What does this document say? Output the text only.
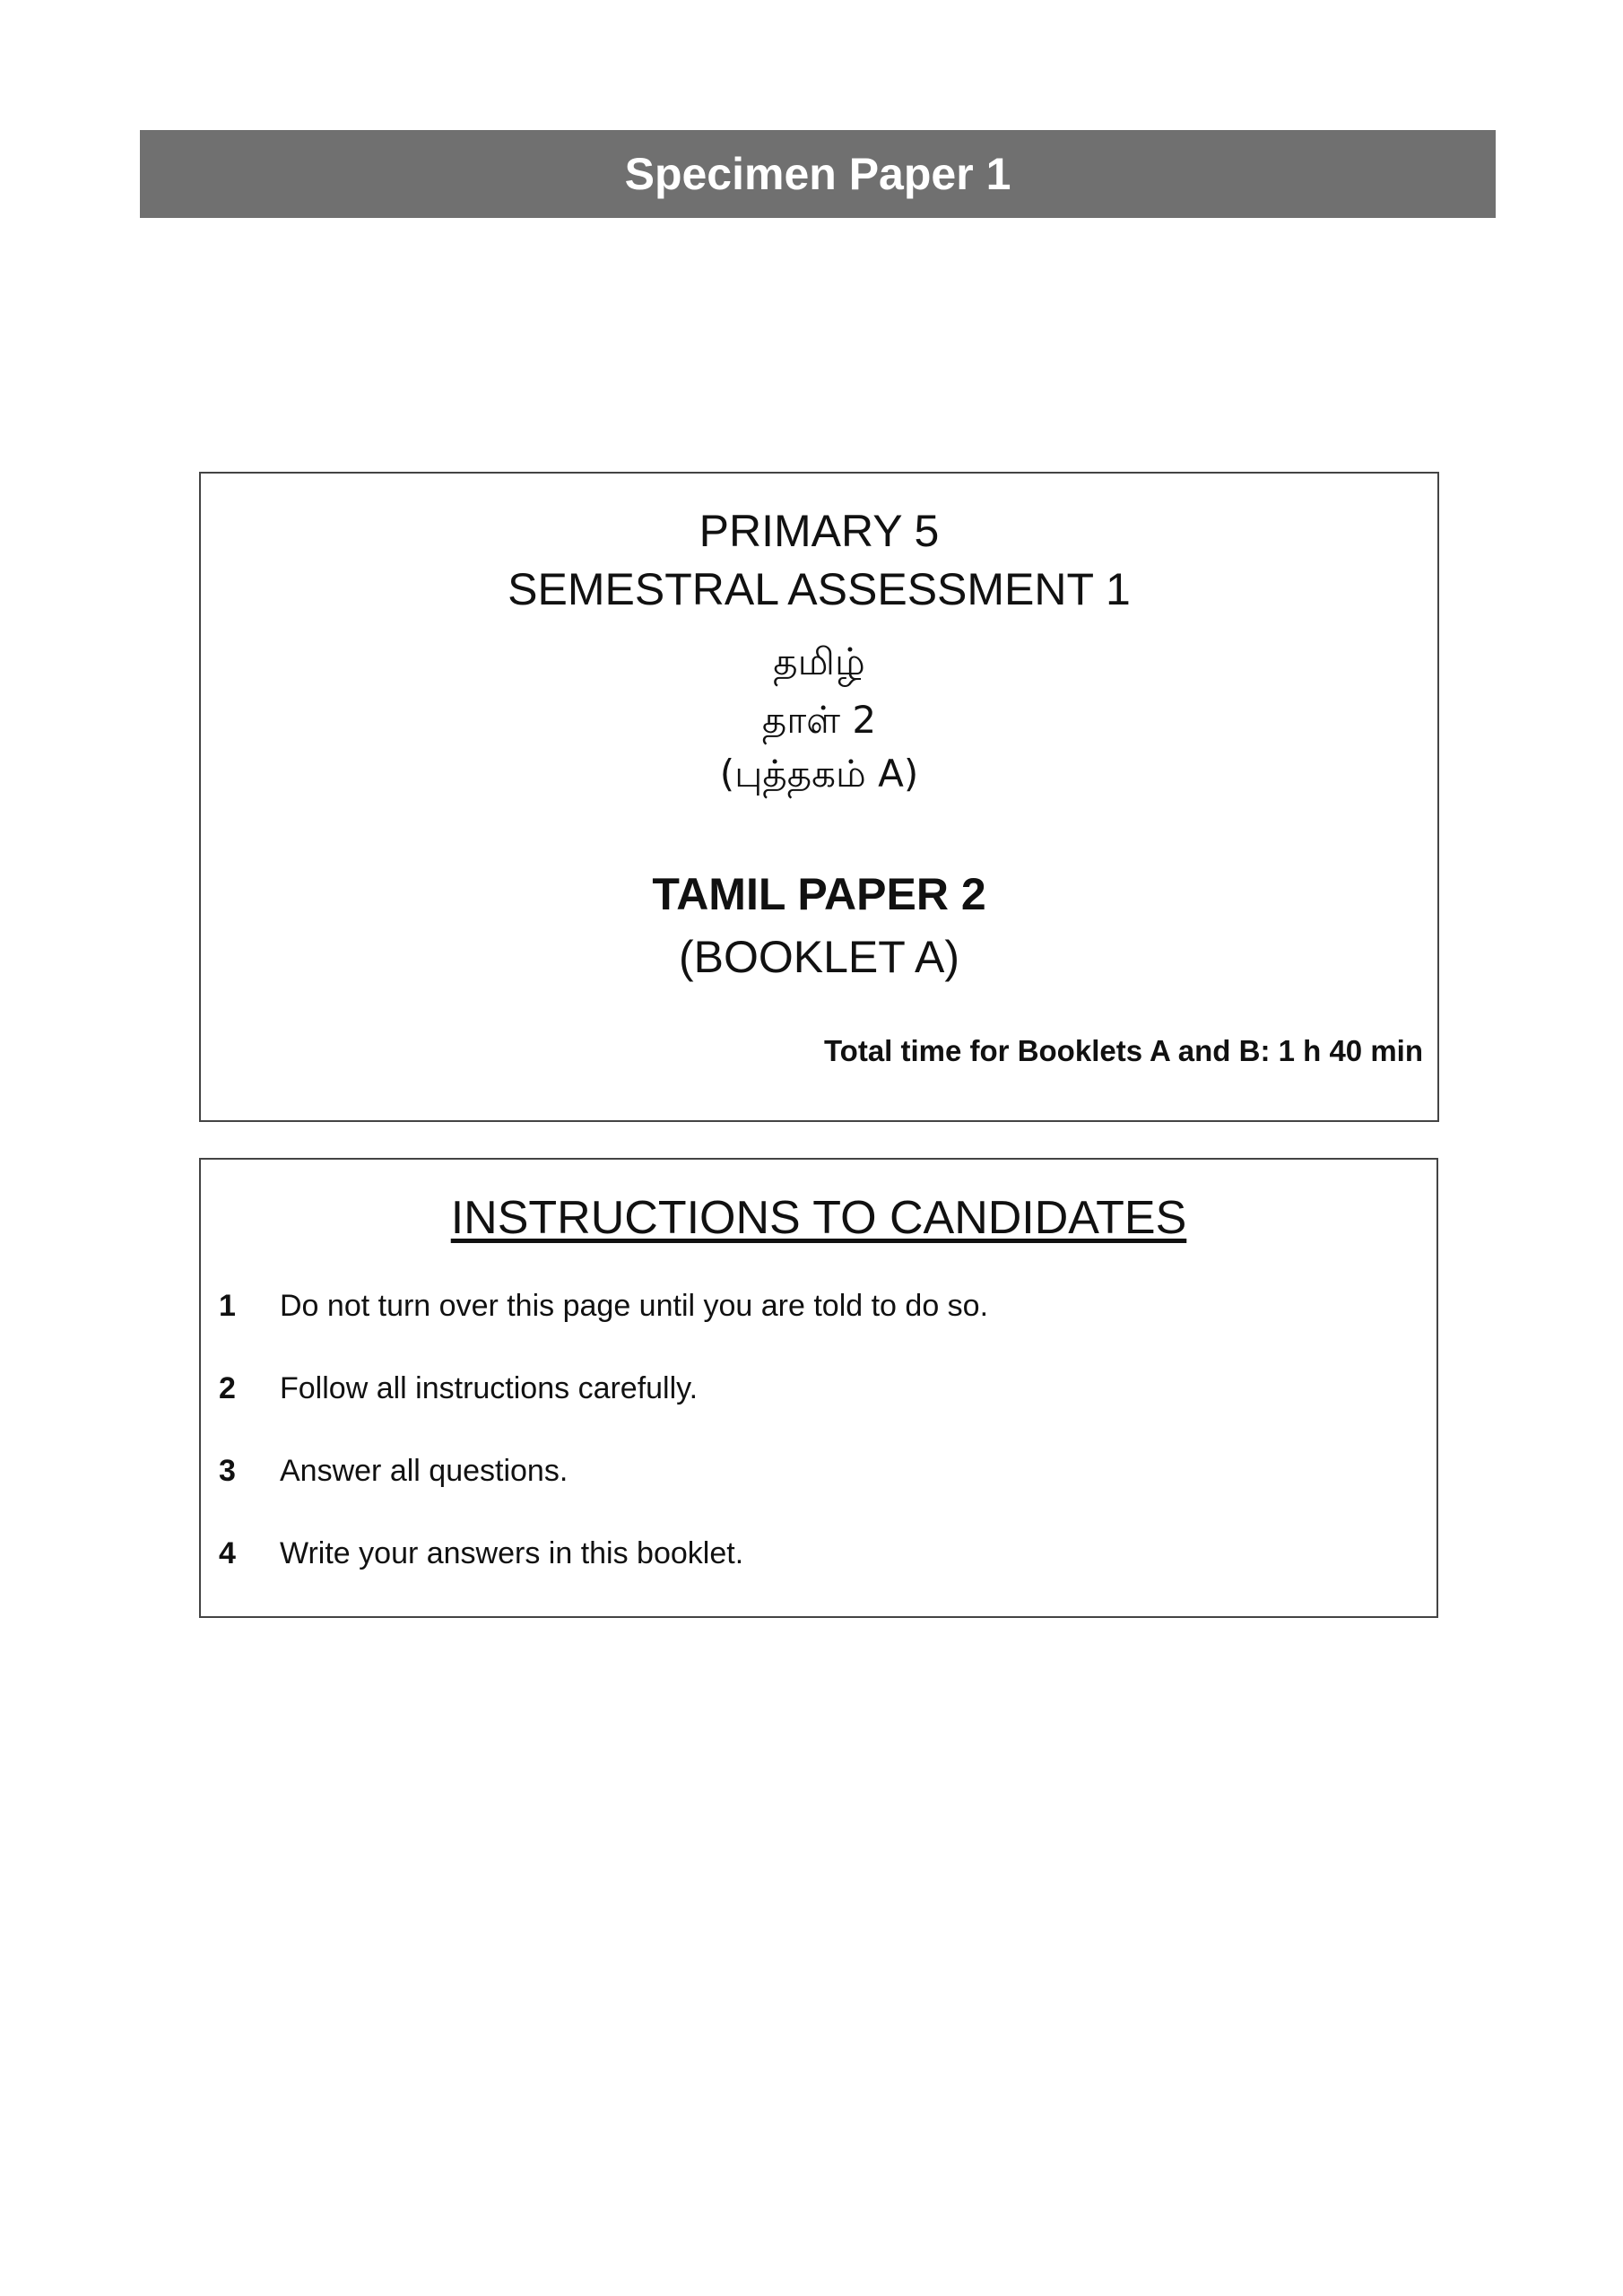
Specimen Paper 1
PRIMARY 5
SEMESTRAL ASSESSMENT 1
தமிழ்
தாள் 2
(புத்தகம் A)
TAMIL PAPER 2
(BOOKLET A)
Total time for Booklets A and B: 1 h 40 min
INSTRUCTIONS TO CANDIDATES
1	Do not turn over this page until you are told to do so.
2	Follow all instructions carefully.
3	Answer all questions.
4	Write your answers in this booklet.
